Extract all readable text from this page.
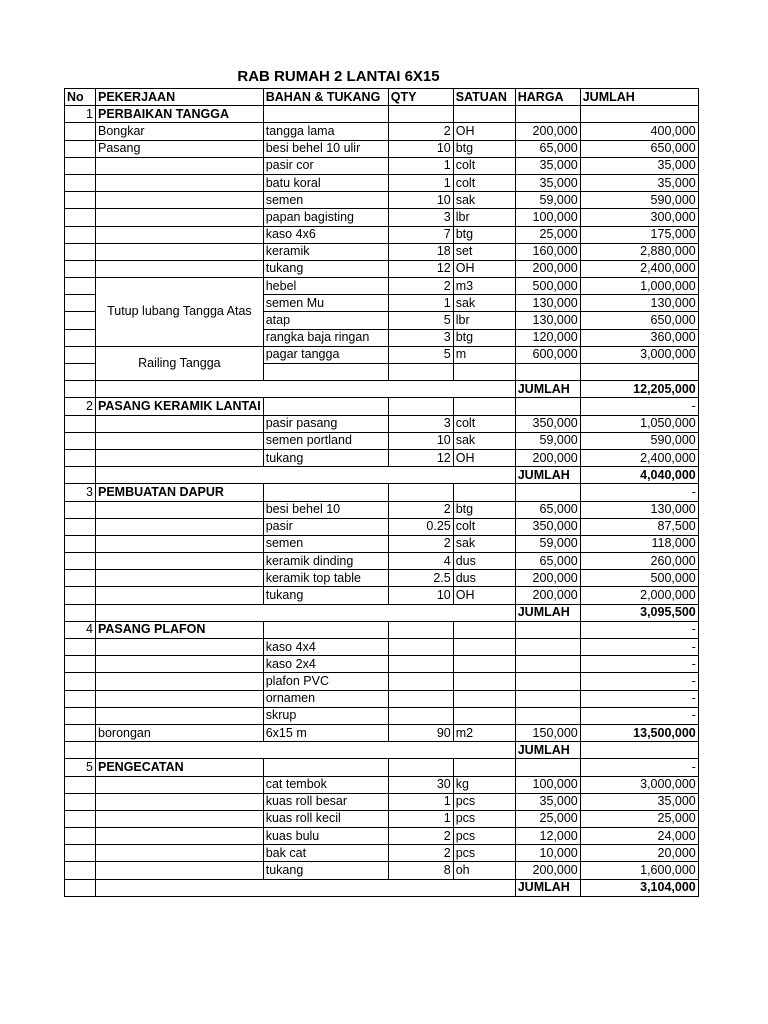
RAB RUMAH 2 LANTAI 6X15
No	PEKERJAAN	BAHAN & TUKANG	QTY	SATUAN	HARGA	JUMLAH
1	PERBAIKAN TANGGA					
	Bongkar	tangga lama	2	OH	200,000	400,000
	Pasang	besi behel 10 ulir	10	btg	65,000	650,000
		pasir cor	1	colt	35,000	35,000
		batu koral	1	colt	35,000	35,000
		semen	10	sak	59,000	590,000
		papan bagisting	3	lbr	100,000	300,000
		kaso 4x6	7	btg	25,000	175,000
		keramik	18	set	160,000	2,880,000
		tukang	12	OH	200,000	2,400,000
	Tutup lubang Tangga Atas	hebel	2	m3	500,000	1,000,000
		semen Mu	1	sak	130,000	130,000
		atap	5	lbr	130,000	650,000
		rangka baja ringan	3	btg	120,000	360,000
	Railing Tangga	pagar tangga	5	m	600,000	3,000,000

					JUMLAH	12,205,000
2	PASANG KERAMIK LANTAI					-
		pasir pasang	3	colt	350,000	1,050,000
		semen portland	10	sak	59,000	590,000
		tukang	12	OH	200,000	2,400,000
					JUMLAH	4,040,000
3	PEMBUATAN DAPUR					-
		besi behel 10	2	btg	65,000	130,000
		pasir	0.25	colt	350,000	87,500
		semen	2	sak	59,000	118,000
		keramik dinding	4	dus	65,000	260,000
		keramik top table	2.5	dus	200,000	500,000
		tukang	10	OH	200,000	2,000,000
					JUMLAH	3,095,500
4	PASANG PLAFON					-
		kaso 4x4				-
		kaso 2x4				-
		plafon PVC				-
		ornamen				-
		skrup				-
	borongan	6x15 m	90	m2	150,000	13,500,000
					JUMLAH	
5	PENGECATAN					-
		cat tembok	30	kg	100,000	3,000,000
		kuas roll besar	1	pcs	35,000	35,000
		kuas roll kecil	1	pcs	25,000	25,000
		kuas bulu	2	pcs	12,000	24,000
		bak cat	2	pcs	10,000	20,000
		tukang	8	oh	200,000	1,600,000
					JUMLAH	3,104,000
